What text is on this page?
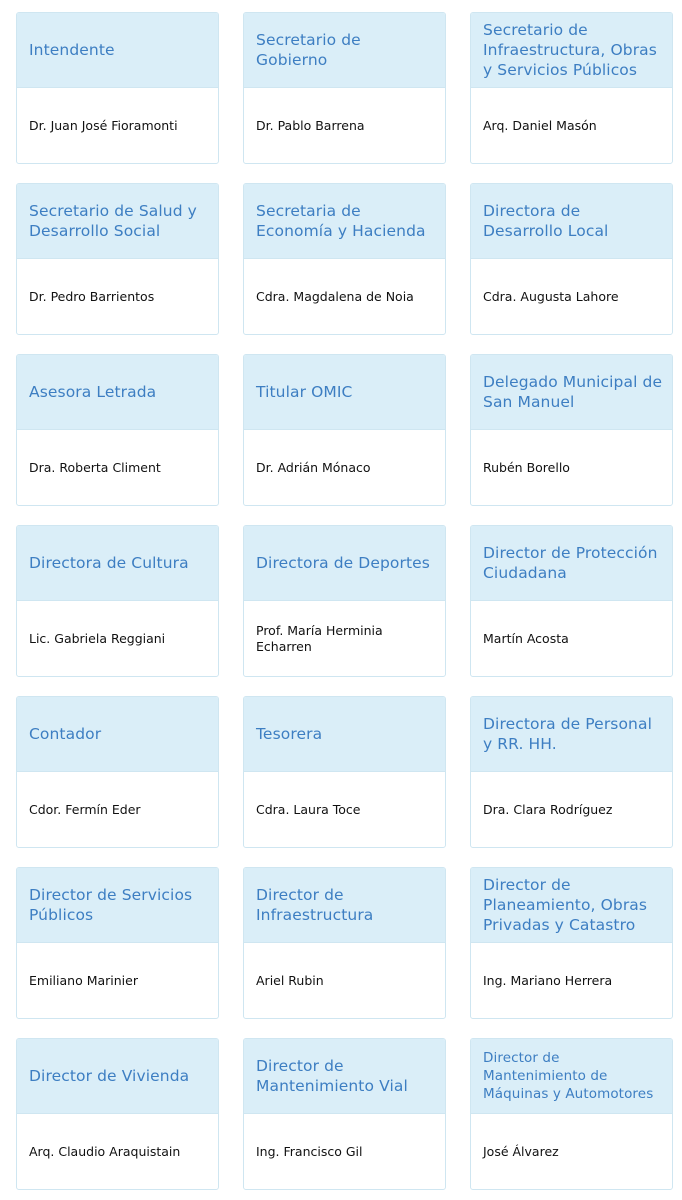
Intendente
Dr. Juan José Fioramonti
Secretario de Gobierno
Dr. Pablo Barrena
Secretario de Infraestructura, Obras y Servicios Públicos
Arq. Daniel Masón
Secretario de Salud y Desarrollo Social
Dr. Pedro Barrientos
Secretaria de Economía y Hacienda
Cdra. Magdalena de Noia
Directora de Desarrollo Local
Cdra. Augusta Lahore
Asesora Letrada
Dra. Roberta Climent
Titular OMIC
Dr. Adrián Mónaco
Delegado Municipal de San Manuel
Rubén Borello
Directora de Cultura
Lic. Gabriela Reggiani
Directora de Deportes
Prof. María Herminia Echarren
Director de Protección Ciudadana
Martín Acosta
Contador
Cdor. Fermín Eder
Tesorera
Cdra. Laura Toce
Directora de Personal y RR. HH.
Dra. Clara Rodríguez
Director de Servicios Públicos
Emiliano Marinier
Director de Infraestructura
Ariel Rubin
Director de Planeamiento, Obras Privadas y Catastro
Ing. Mariano Herrera
Director de Vivienda
Arq. Claudio Araquistain
Director de Mantenimiento Vial
Ing. Francisco Gil
Director de Mantenimiento de Máquinas y Automotores
José Álvarez
